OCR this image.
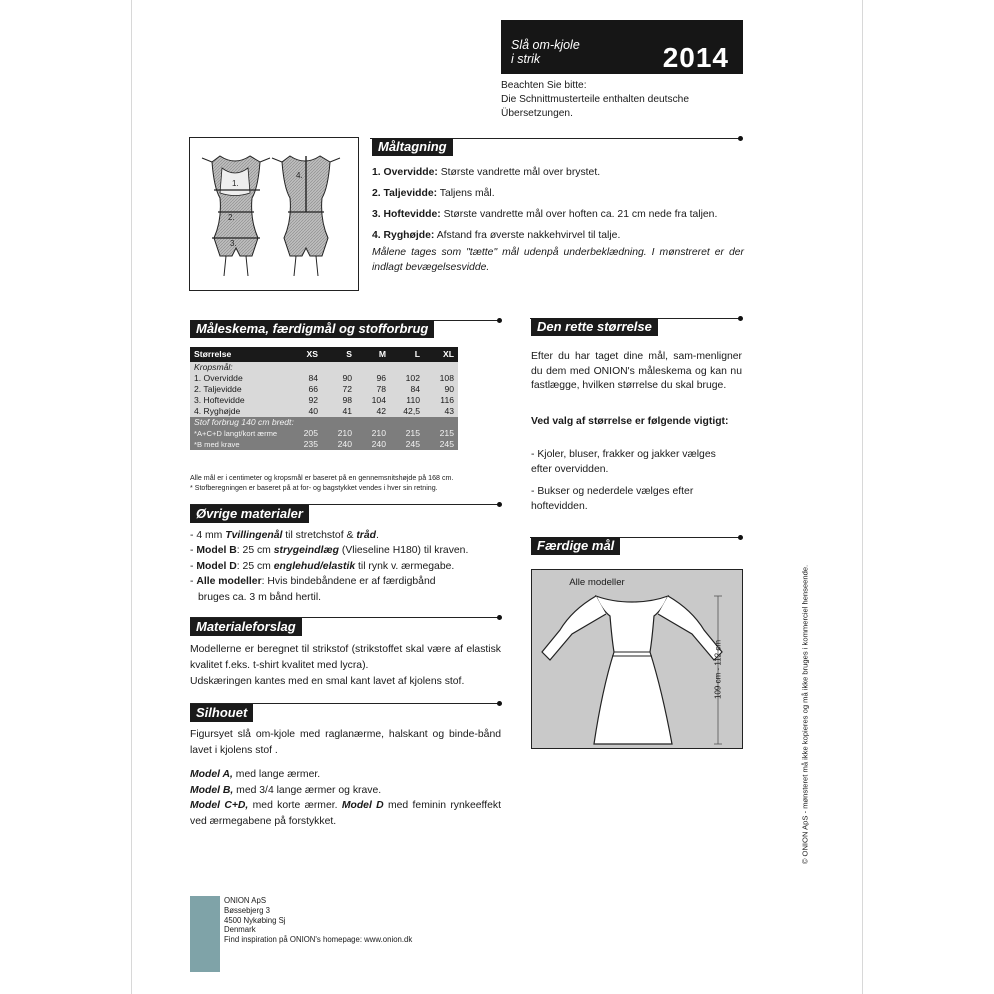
Slå om-kjole
i strik	2014
Beachten Sie bitte:
Die Schnittmusterteile enthalten deutsche
Übersetzungen.
Måltagning
1.
2.
3.
4.	1. Overvidde: Største vandrette mål over brystet.

2. Taljevidde: Taljens mål.

3. Hoftevidde: Største vandrette mål over hoften ca. 21 cm nede fra taljen.

4. Ryghøjde: Afstand fra øverste nakkehvirvel til talje.

Målene tages som "tætte" mål udenpå underbeklædning. I mønstreret er der indlagt bevægelsesvidde.

Måleskema, færdigmål og stofforbrug
Størrelse	XS	S	M	L	XL
Kropsmål:					
1. Overvidde	84	90	96	102	108
2. Taljevidde	66	72	78	84	90
3. Hoftevidde	92	98	104	110	116
4. Ryghøjde	40	41	42	42,5	43
Stof forbrug 140 cm bredt:					
*A+C+D langt/kort ærme	205	210	210	215	215
*B med krave	235	240	240	245	245
Alle mål er i centimeter og kropsmål er baseret på en gennemsnitshøjde på 168 cm.
* Stofberegningen er baseret på at for- og bagstykket vendes i hver sin retning.
Øvrige materialer
- 4 mm Tvillingenål til stretchstof & tråd.
- Model B: 25 cm strygeindlæg (Vlieseline H180) til kraven.
- Model D: 25 cm englehud/elastik til rynk v. ærmegabe.
- Alle modeller: Hvis bindebåndene er af færdigbånd
bruges ca. 3 m bånd hertil.
Materialeforslag
Modellerne er beregnet til strikstof (strikstoffet skal være af elastisk kvalitet f.eks. t-shirt kvalitet med lycra).
Udskæringen kantes med en smal kant lavet af kjolens stof.
Silhouet
Figursyet slå om-kjole med raglanærme, halskant og binde-bånd lavet i kjolens stof .
Model A, med lange ærmer.
Model B, med 3/4 lange ærmer og krave.
Model C+D, med korte ærmer. Model D med feminin rynkeeffekt ved ærmegabene på forstykket.
Den rette størrelse
Efter du har taget dine mål, sam-menligner du dem med ONION's måleskema og kan nu fastlægge, hvilken størrelse du skal bruge.
Ved valg af størrelse er følgende vigtigt:
- Kjoler, bluser, frakker og jakker vælges efter overvidden.
- Bukser og nederdele vælges efter hoftevidden.
Færdige mål
Alle modeller
109 cm - 112 cm
ONION ApS
Bøssebjerg 3
4500 Nykøbing Sj
Denmark
Find inspiration på ONION's homepage: www.onion.dk
© ONION ApS - mønsteret må ikke kopieres og må ikke bruges i kommerciel henseende.
